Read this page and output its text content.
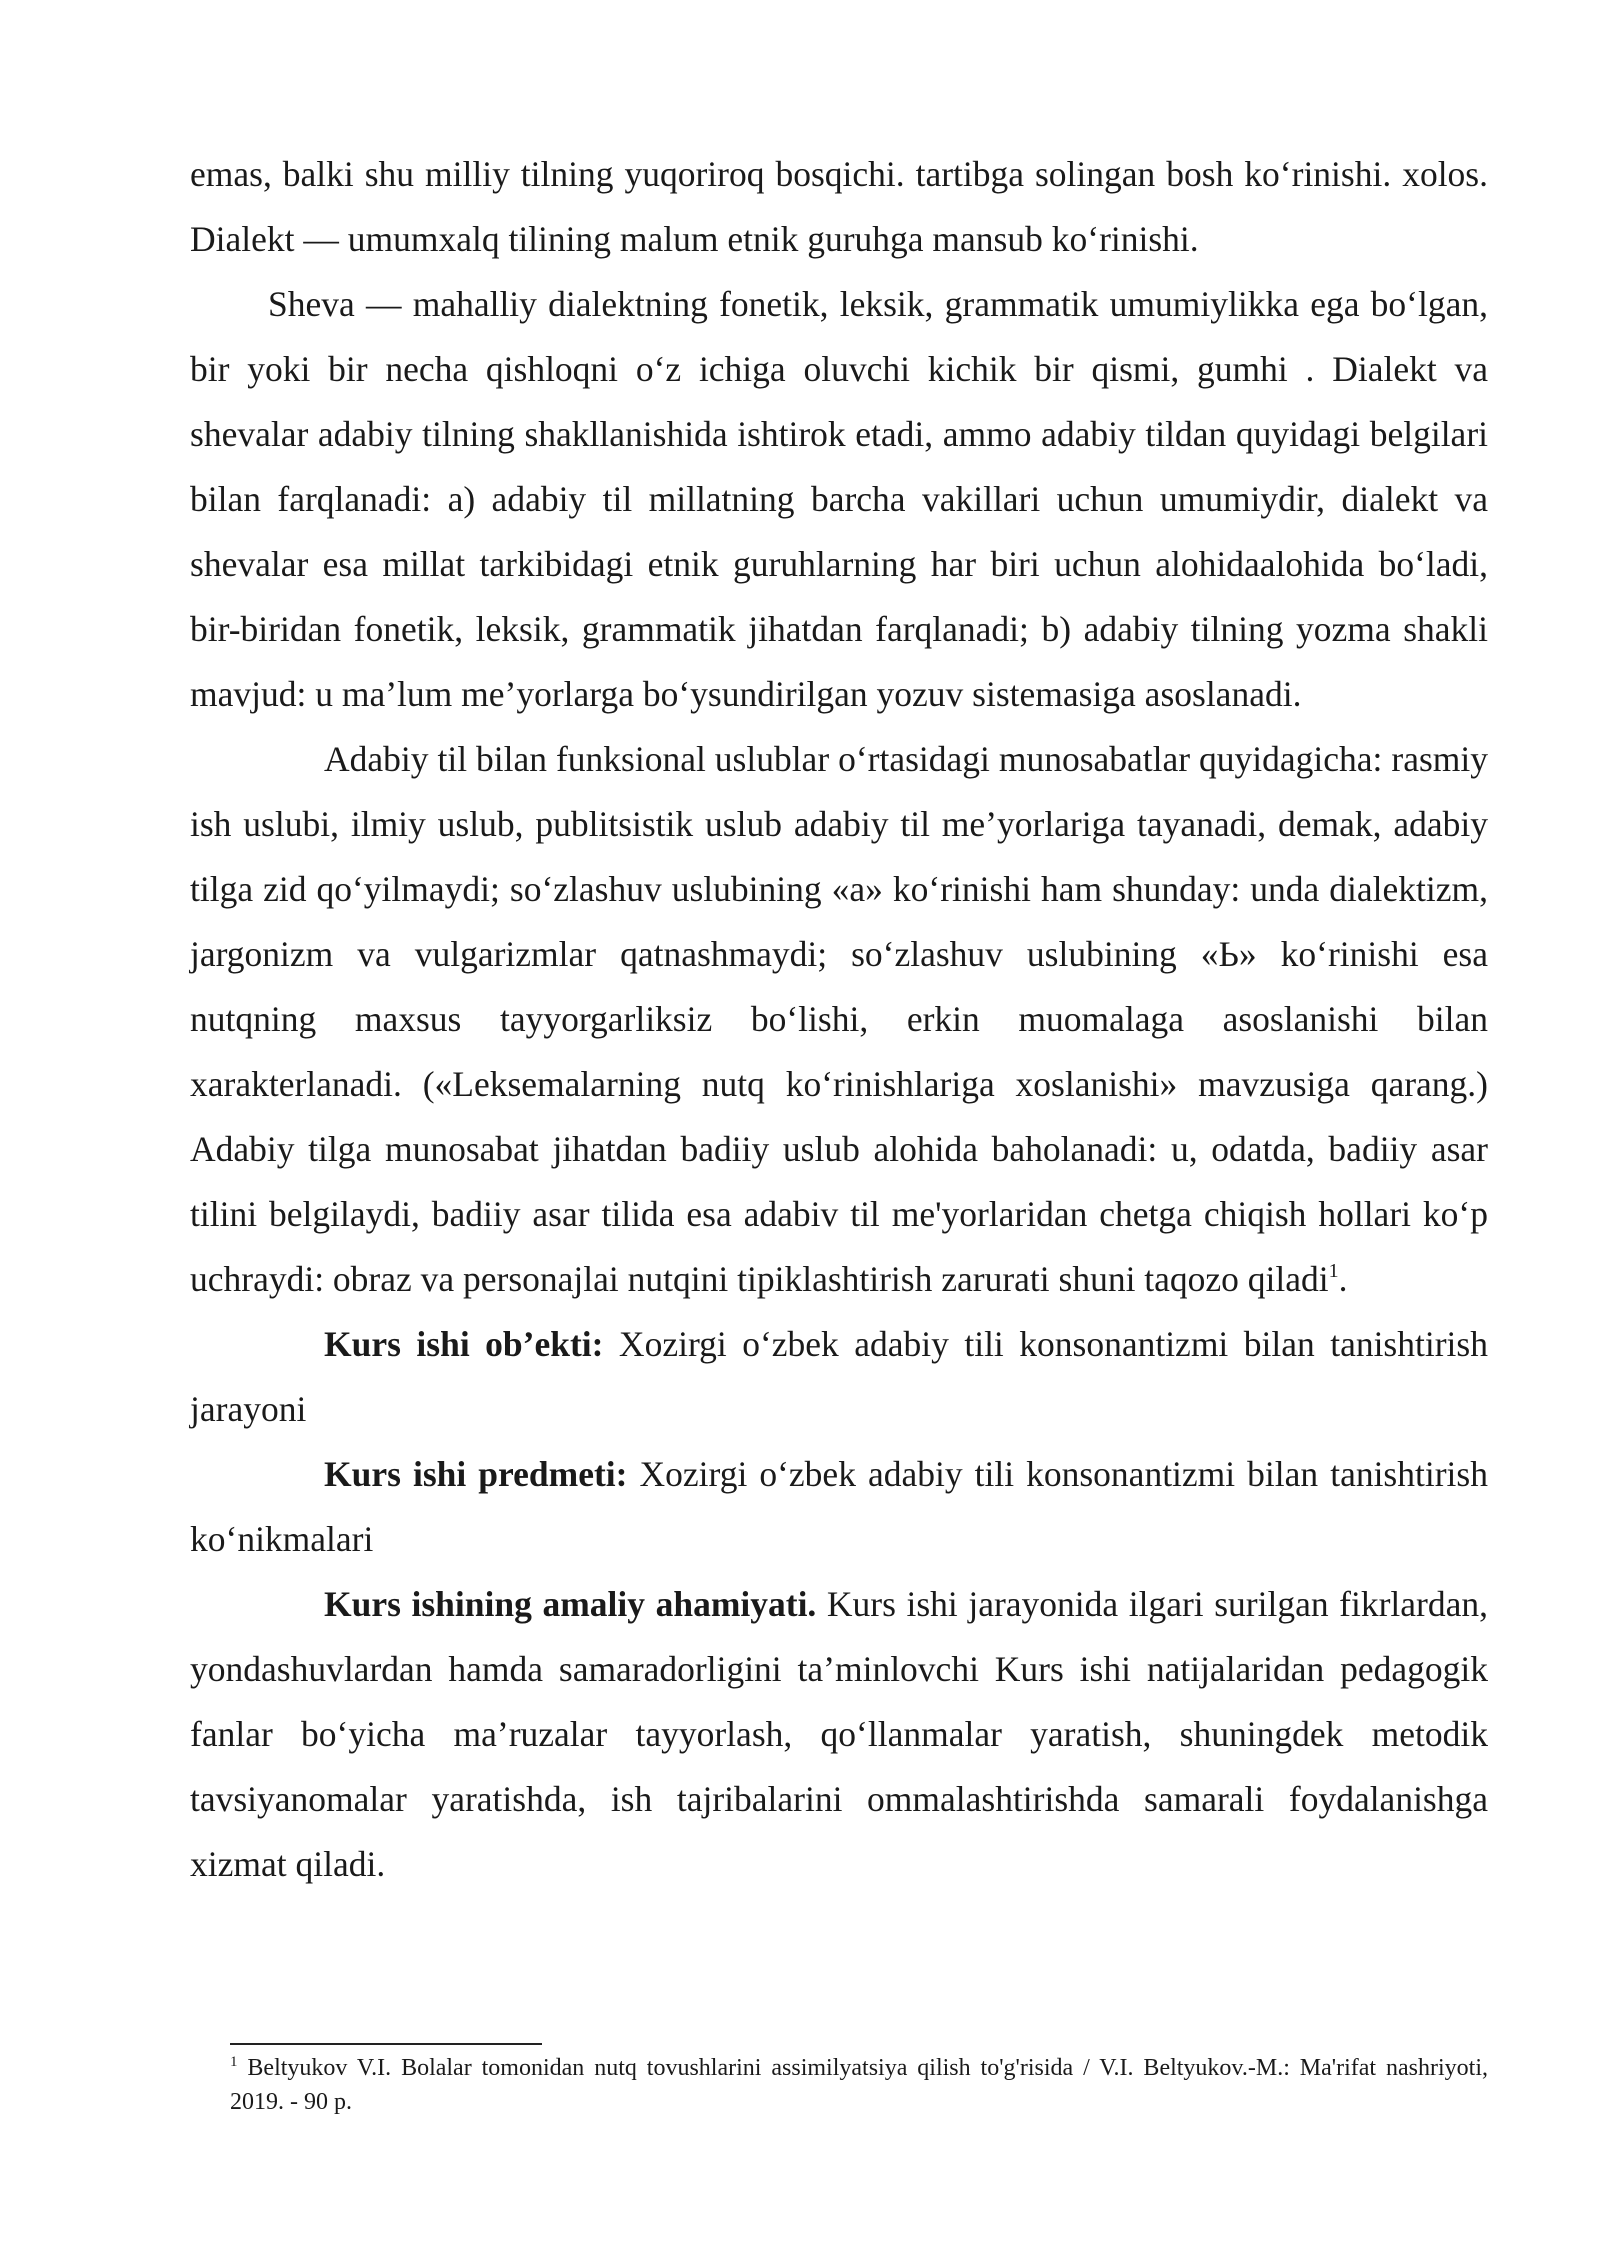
emas, balki shu milliy tilning yuqoriroq bosqichi. tartibga solingan bosh ko‘rinishi. xolos. Dialekt — umumxalq tilining malum etnik guruhga mansub ko‘rinishi.

Sheva — mahalliy dialektning fonetik, leksik, grammatik umumiylikka ega bo‘lgan, bir yoki bir necha qishloqni o‘z ichiga oluvchi kichik bir qismi, gumhi . Dialekt va shevalar adabiy tilning shakllanishida ishtirok etadi, ammo adabiy tildan quyidagi belgilari bilan farqlanadi: a) adabiy til millatning barcha vakillari uchun umumiydir, dialekt va shevalar esa millat tarkibidagi etnik guruhlarning har biri uchun alohidaalohida bo‘ladi, bir-biridan fonetik, leksik, grammatik jihatdan farqlanadi; b) adabiy tilning yozma shakli mavjud: u ma’lum me’yorlarga bo‘ysundirilgan yozuv sistemasiga asoslanadi.

Adabiy til bilan funksional uslublar o‘rtasidagi munosabatlar quyidagicha: rasmiy ish uslubi, ilmiy uslub, publitsistik uslub adabiy til me’yorlariga tayanadi, demak, adabiy tilga zid qo‘yilmaydi; so‘zlashuv uslubining «a» ko‘rinishi ham shunday: unda dialektizm, jargonizm va vulgarizmlar qatnashmaydi; so‘zlashuv uslubining «Ь» ko‘rinishi esa nutqning maxsus tayyorgarliksiz bo‘lishi, erkin muomalaga asoslanishi bilan xarakterlanadi. («Leksemalarning nutq ko‘rinishlariga xoslanishi» mavzusiga qarang.) Adabiy tilga munosabat jihatdan badiiy uslub alohida baholanadi: u, odatda, badiiy asar tilini belgilaydi, badiiy asar tilida esa adabiv til me'yorlaridan chetga chiqish hollari ko‘p uchraydi: obraz va personajlai nutqini tipiklashtirish zarurati shuni taqozo qiladi$^1$.

Kurs ishi ob’ekti: Xozirgi o‘zbek adabiy tili konsonantizmi bilan tanishtirish jarayoni

Kurs ishi predmeti: Xozirgi o‘zbek adabiy tili konsonantizmi bilan tanishtirish ko‘nikmalari

Kurs ishining amaliy ahamiyati. Kurs ishi jarayonida ilgari surilgan fikrlardan, yondashuvlardan hamda samaradorligini ta’minlovchi Kurs ishi natijalaridan pedagogik fanlar bo‘yicha ma’ruzalar tayyorlash, qo‘llanmalar yaratish, shuningdek metodik tavsiyanomalar yaratishda, ish tajribalarini ommalashtirishda samarali foydalanishga xizmat qiladi.

$^1$ Beltyukov V.I. Bolalar tomonidan nutq tovushlarini assimilyatsiya qilish to'g'risida / V.I. Beltyukov.-M.: Ma'rifat nashriyoti, 2019. - 90 p.
